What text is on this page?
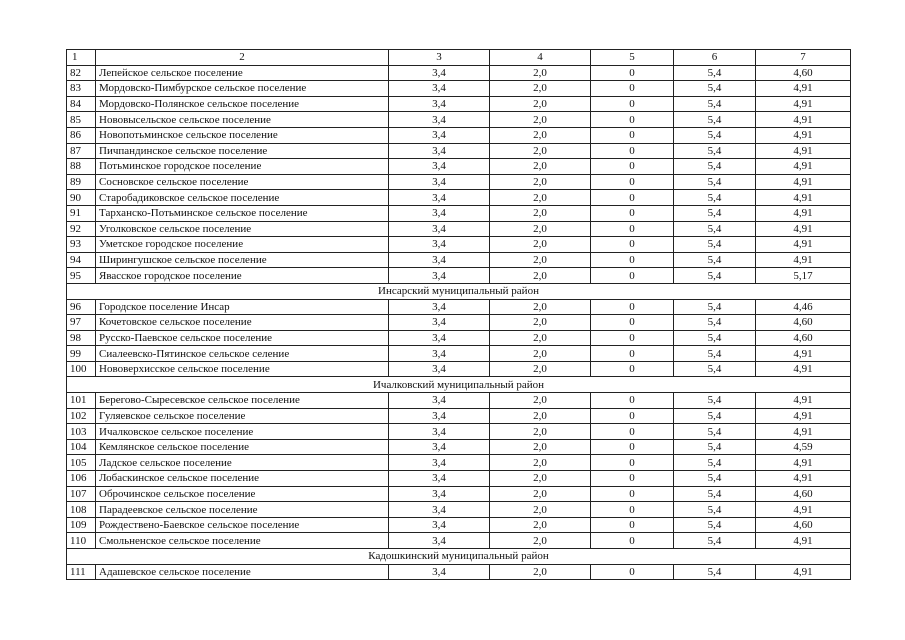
1	2	3	4	5	6	7
82	Лепейское сельское поселение	3,4	2,0	0	5,4	4,60
83	Мордовско-Пимбурское сельское поселение	3,4	2,0	0	5,4	4,91
84	Мордовско-Полянское сельское поселение	3,4	2,0	0	5,4	4,91
85	Нововысельское сельское поселение	3,4	2,0	0	5,4	4,91
86	Новопотьминское сельское поселение	3,4	2,0	0	5,4	4,91
87	Пичпандинское сельское поселение	3,4	2,0	0	5,4	4,91
88	Потьминское городское поселение	3,4	2,0	0	5,4	4,91
89	Сосновское сельское поселение	3,4	2,0	0	5,4	4,91
90	Старобадиковское сельское поселение	3,4	2,0	0	5,4	4,91
91	Тарханско-Потьминское сельское поселение	3,4	2,0	0	5,4	4,91
92	Уголковское сельское поселение	3,4	2,0	0	5,4	4,91
93	Уметское городское поселение	3,4	2,0	0	5,4	4,91
94	Ширингушское сельское поселение	3,4	2,0	0	5,4	4,91
95	Явасское городское поселение	3,4	2,0	0	5,4	5,17
Инсарский муниципальный район						
96	Городское поселение Инсар	3,4	2,0	0	5,4	4,46
97	Кочетовское сельское поселение	3,4	2,0	0	5,4	4,60
98	Русско-Паевское сельское поселение	3,4	2,0	0	5,4	4,60
99	Сиалеевско-Пятинское сельское селение	3,4	2,0	0	5,4	4,91
100	Нововерхисское сельское поселение	3,4	2,0	0	5,4	4,91
Ичалковский муниципальный район						
101	Берегово-Сыресевское сельское поселение	3,4	2,0	0	5,4	4,91
102	Гуляевское сельское поселение	3,4	2,0	0	5,4	4,91
103	Ичалковское сельское поселение	3,4	2,0	0	5,4	4,91
104	Кемлянское сельское поселение	3,4	2,0	0	5,4	4,59
105	Ладское сельское поселение	3,4	2,0	0	5,4	4,91
106	Лобаскинское сельское поселение	3,4	2,0	0	5,4	4,91
107	Оброчинское сельское поселение	3,4	2,0	0	5,4	4,60
108	Парадеевское сельское поселение	3,4	2,0	0	5,4	4,91
109	Рождествено-Баевское сельское поселение	3,4	2,0	0	5,4	4,60
110	Смольненское сельское поселение	3,4	2,0	0	5,4	4,91
Кадошкинский муниципальный район						
111	Адашевское сельское поселение	3,4	2,0	0	5,4	4,91
